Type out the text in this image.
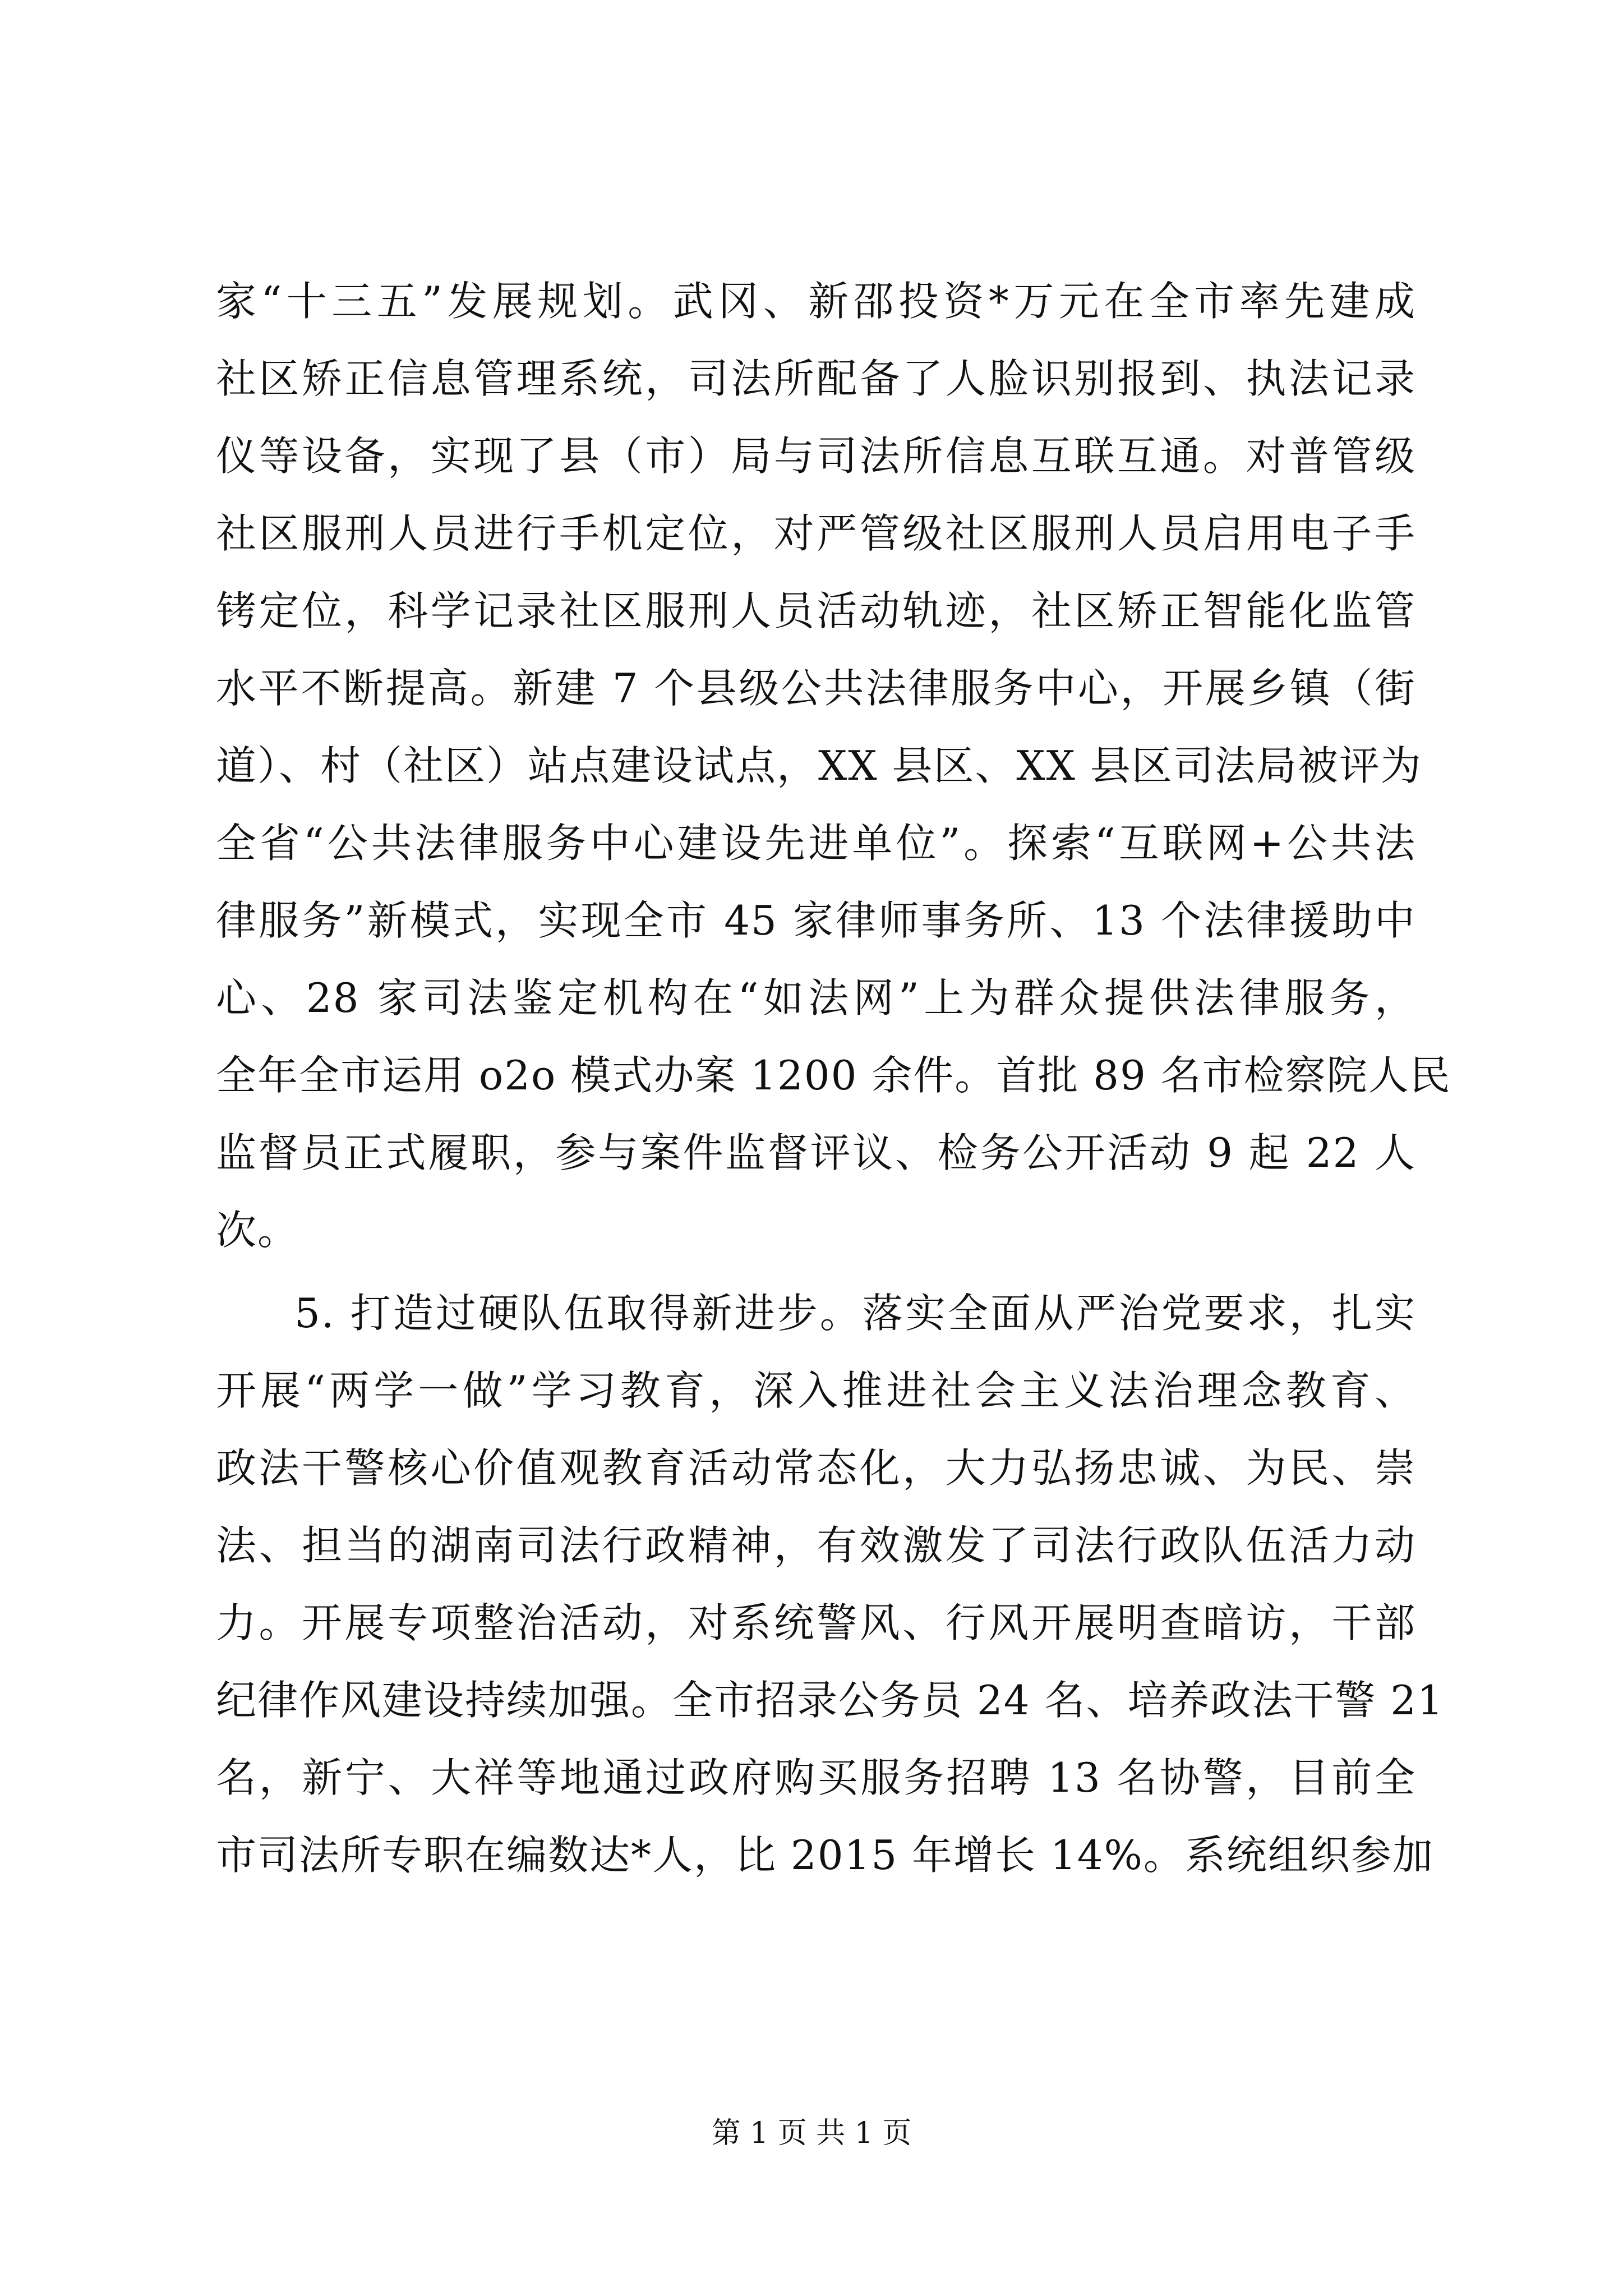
家“十三五”发展规划。武冈、新邵投资*万元在全市率先建成
社区矫正信息管理系统，司法所配备了人脸识别报到、执法记录
仪等设备，实现了县（市）局与司法所信息互联互通。对普管级
社区服刑人员进行手机定位，对严管级社区服刑人员启用电子手
铐定位，科学记录社区服刑人员活动轨迹，社区矫正智能化监管
水平不断提高。新建 7 个县级公共法律服务中心，开展乡镇（街
道）、村（社区）站点建设试点，XX 县区、XX 县区司法局被评为
全省“公共法律服务中心建设先进单位”。探索“互联网+公共法
律服务”新模式，实现全市 45 家律师事务所、13 个法律援助中
心、28 家司法鉴定机构在“如法网”上为群众提供法律服务，
全年全市运用 o2o 模式办案 1200 余件。首批 89 名市检察院人民
监督员正式履职，参与案件监督评议、检务公开活动 9 起 22 人
次。
5. 打造过硬队伍取得新进步。落实全面从严治党要求，扎实
开展“两学一做”学习教育，深入推进社会主义法治理念教育、
政法干警核心价值观教育活动常态化，大力弘扬忠诚、为民、崇
法、担当的湖南司法行政精神，有效激发了司法行政队伍活力动
力。开展专项整治活动，对系统警风、行风开展明查暗访，干部
纪律作风建设持续加强。全市招录公务员 24 名、培养政法干警 21
名，新宁、大祥等地通过政府购买服务招聘 13 名协警，目前全
市司法所专职在编数达*人，比 2015 年增长 14%。系统组织参加
第 1 页 共 1 页
